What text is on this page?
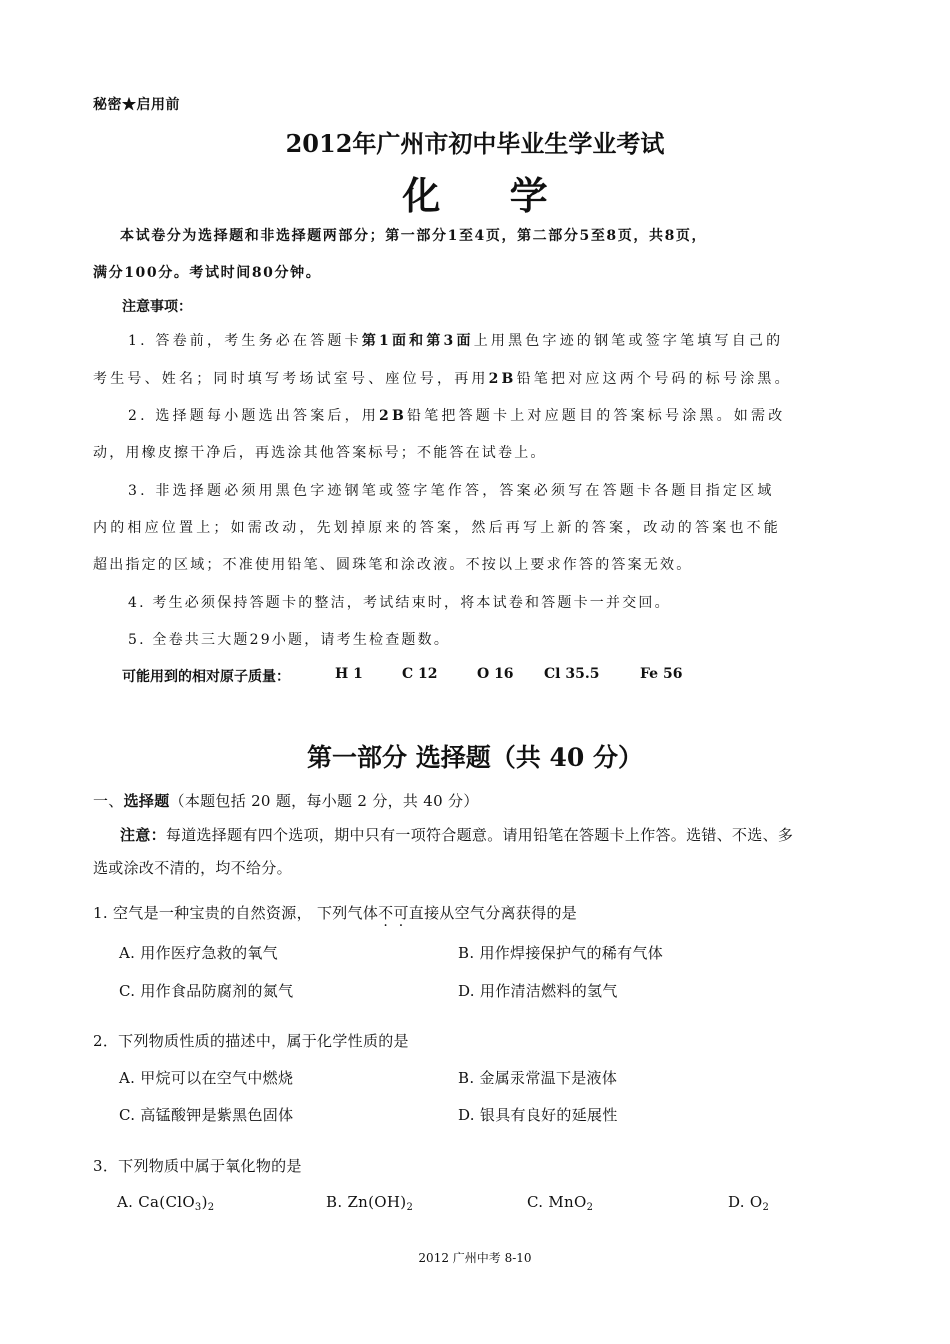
秘密★启用前
2012年广州市初中毕业生学业考试
化 学
本试卷分为选择题和非选择题两部分；第一部分1至4页，第二部分5至8页，共8页，
满分100分。考试时间80分钟。
注意事项：
1. 答卷前，考生务必在答题卡第1面和第3面上用黑色字迹的钢笔或签字笔填写自己的
考生号、姓名；同时填写考场试室号、座位号，再用2B铅笔把对应这两个号码的标号涂黑。
2. 选择题每小题选出答案后，用2B铅笔把答题卡上对应题目的答案标号涂黑。如需改
动，用橡皮擦干净后，再选涂其他答案标号；不能答在试卷上。
3. 非选择题必须用黑色字迹钢笔或签字笔作答，答案必须写在答题卡各题目指定区域
内的相应位置上；如需改动，先划掉原来的答案，然后再写上新的答案，改动的答案也不能
超出指定的区域；不准使用铅笔、圆珠笔和涂改液。不按以上要求作答的答案无效。
4. 考生必须保持答题卡的整洁，考试结束时，将本试卷和答题卡一并交回。
5. 全卷共三大题29小题，请考生检查题数。
可能用到的相对原子质量：	H 1	C 12	O 16 Cl 35.5	Fe 56
第一部分 选择题（共 40 分）
一、选择题（本题包括 20 题，每小题 2 分，共 40 分）
注意：每道选择题有四个选项，期中只有一项符合题意。请用铅笔在答题卡上作答。选错、不选、多
选或涂改不清的，均不给分。
1. 空气是一种宝贵的自然资源， 下列气体不可直接从空气分离获得的是
A. 用作医疗急救的氧气	B. 用作焊接保护气的稀有气体
C. 用作食品防腐剂的氮气	D. 用作清洁燃料的氢气
2．下列物质性质的描述中，属于化学性质的是
A. 甲烷可以在空气中燃烧	B. 金属汞常温下是液体
C. 高锰酸钾是紫黑色固体	D. 银具有良好的延展性
3．下列物质中属于氧化物的是
A. $Ca(ClO_3)_2$	B. $Zn(OH)_2$	C. MnO$_2$	D. $O_2$
2012 广州中考 8-10
